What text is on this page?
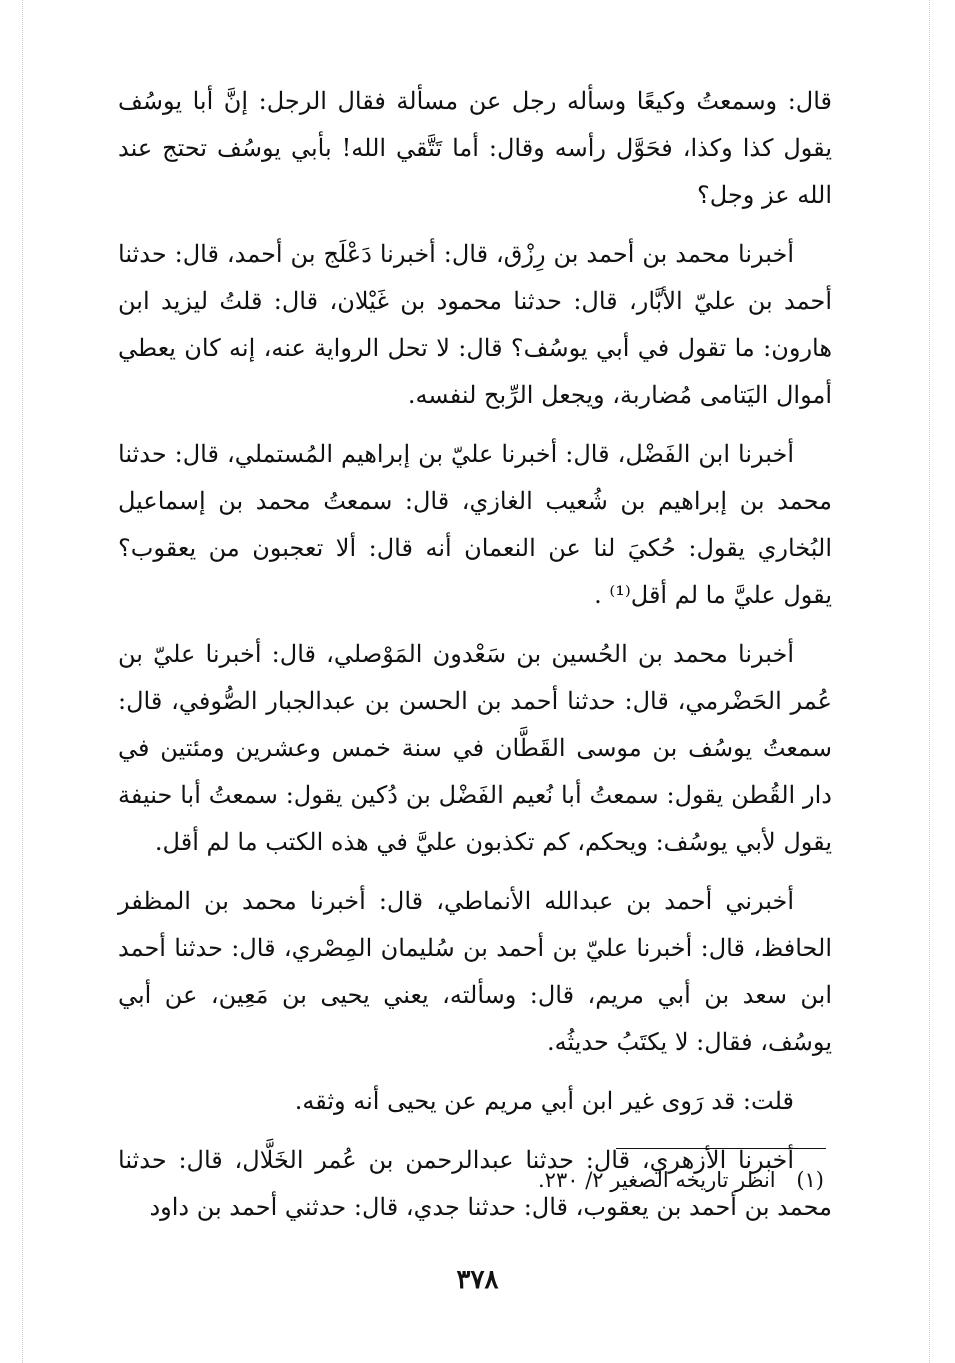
قال: وسمعتُ وكيعًا وسأله رجل عن مسألة فقال الرجل: إنَّ أبا يوسُف يقول كذا وكذا، فحَوَّل رأسه وقال: أما تَتَّقي الله! بأبي يوسُف تحتج عند الله عز وجل؟

أخبرنا محمد بن أحمد بن رِزْق، قال: أخبرنا دَعْلَج بن أحمد، قال: حدثنا أحمد بن عليّ الأبَّار، قال: حدثنا محمود بن غَيْلان، قال: قلتُ ليزيد ابن هارون: ما تقول في أبي يوسُف؟ قال: لا تحل الرواية عنه، إنه كان يعطي أموال اليَتامى مُضاربة، ويجعل الرِّبح لنفسه.

أخبرنا ابن الفَضْل، قال: أخبرنا عليّ بن إبراهيم المُستملي، قال: حدثنا محمد بن إبراهيم بن شُعيب الغازي، قال: سمعتُ محمد بن إسماعيل البُخاري يقول: حُكيَ لنا عن النعمان أنه قال: ألا تعجبون من يعقوب؟ يقول عليَّ ما لم أقل⁽¹⁾ .

أخبرنا محمد بن الحُسين بن سَعْدون المَوْصلي، قال: أخبرنا عليّ بن عُمر الحَضْرمي، قال: حدثنا أحمد بن الحسن بن عبدالجبار الصُّوفي، قال: سمعتُ يوسُف بن موسى القَطَّان في سنة خمس وعشرين ومئتين في دار القُطن يقول: سمعتُ أبا نُعيم الفَضْل بن دُكين يقول: سمعتُ أبا حنيفة يقول لأبي يوسُف: ويحكم، كم تكذبون عليَّ في هذه الكتب ما لم أقل.

أخبرني أحمد بن عبدالله الأنماطي، قال: أخبرنا محمد بن المظفر الحافظ، قال: أخبرنا عليّ بن أحمد بن سُليمان المِصْري، قال: حدثنا أحمد ابن سعد بن أبي مريم، قال: وسألته، يعني يحيى بن مَعِين، عن أبي يوسُف، فقال: لا يكتَبُ حديثُه.

قلت: قد رَوى غير ابن أبي مريم عن يحيى أنه وثقه.

أخبرنا الأزهري، قال: حدثنا عبدالرحمن بن عُمر الخَلَّال، قال: حدثنا محمد بن أحمد بن يعقوب، قال: حدثنا جدي، قال: حدثني أحمد بن داود

(١) انظر تاريخه الصغير ٢/ ٢٣٠.
٣٧٨
